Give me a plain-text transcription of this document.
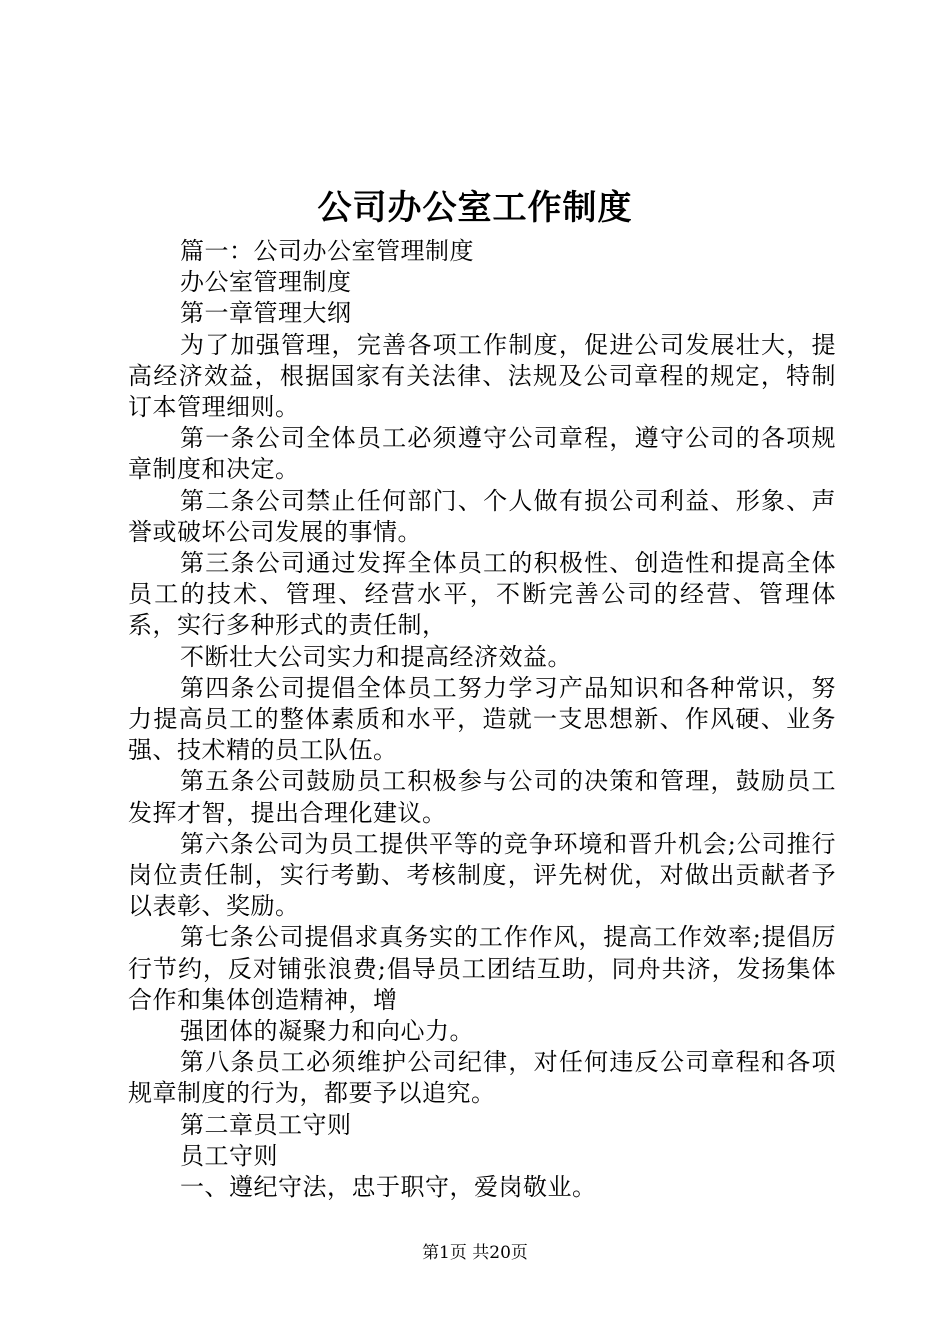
公司办公室工作制度

篇一：公司办公室管理制度

办公室管理制度

第一章管理大纲

为了加强管理，完善各项工作制度，促进公司发展壮大，提高经济效益，根据国家有关法律、法规及公司章程的规定，特制订本管理细则。

第一条公司全体员工必须遵守公司章程，遵守公司的各项规章制度和决定。

第二条公司禁止任何部门、个人做有损公司利益、形象、声誉或破坏公司发展的事情。

第三条公司通过发挥全体员工的积极性、创造性和提高全体员工的技术、管理、经营水平，不断完善公司的经营、管理体系，实行多种形式的责任制，

不断壮大公司实力和提高经济效益。

第四条公司提倡全体员工努力学习产品知识和各种常识，努力提高员工的整体素质和水平，造就一支思想新、作风硬、业务强、技术精的员工队伍。

第五条公司鼓励员工积极参与公司的决策和管理，鼓励员工发挥才智，提出合理化建议。

第六条公司为员工提供平等的竞争环境和晋升机会;公司推行岗位责任制，实行考勤、考核制度，评先树优，对做出贡献者予以表彰、奖励。

第七条公司提倡求真务实的工作作风，提高工作效率;提倡厉行节约，反对铺张浪费;倡导员工团结互助，同舟共济，发扬集体合作和集体创造精神，增

强团体的凝聚力和向心力。

第八条员工必须维护公司纪律，对任何违反公司章程和各项规章制度的行为，都要予以追究。

第二章员工守则

员工守则

一、遵纪守法，忠于职守，爱岗敬业。

第1页 共20页
